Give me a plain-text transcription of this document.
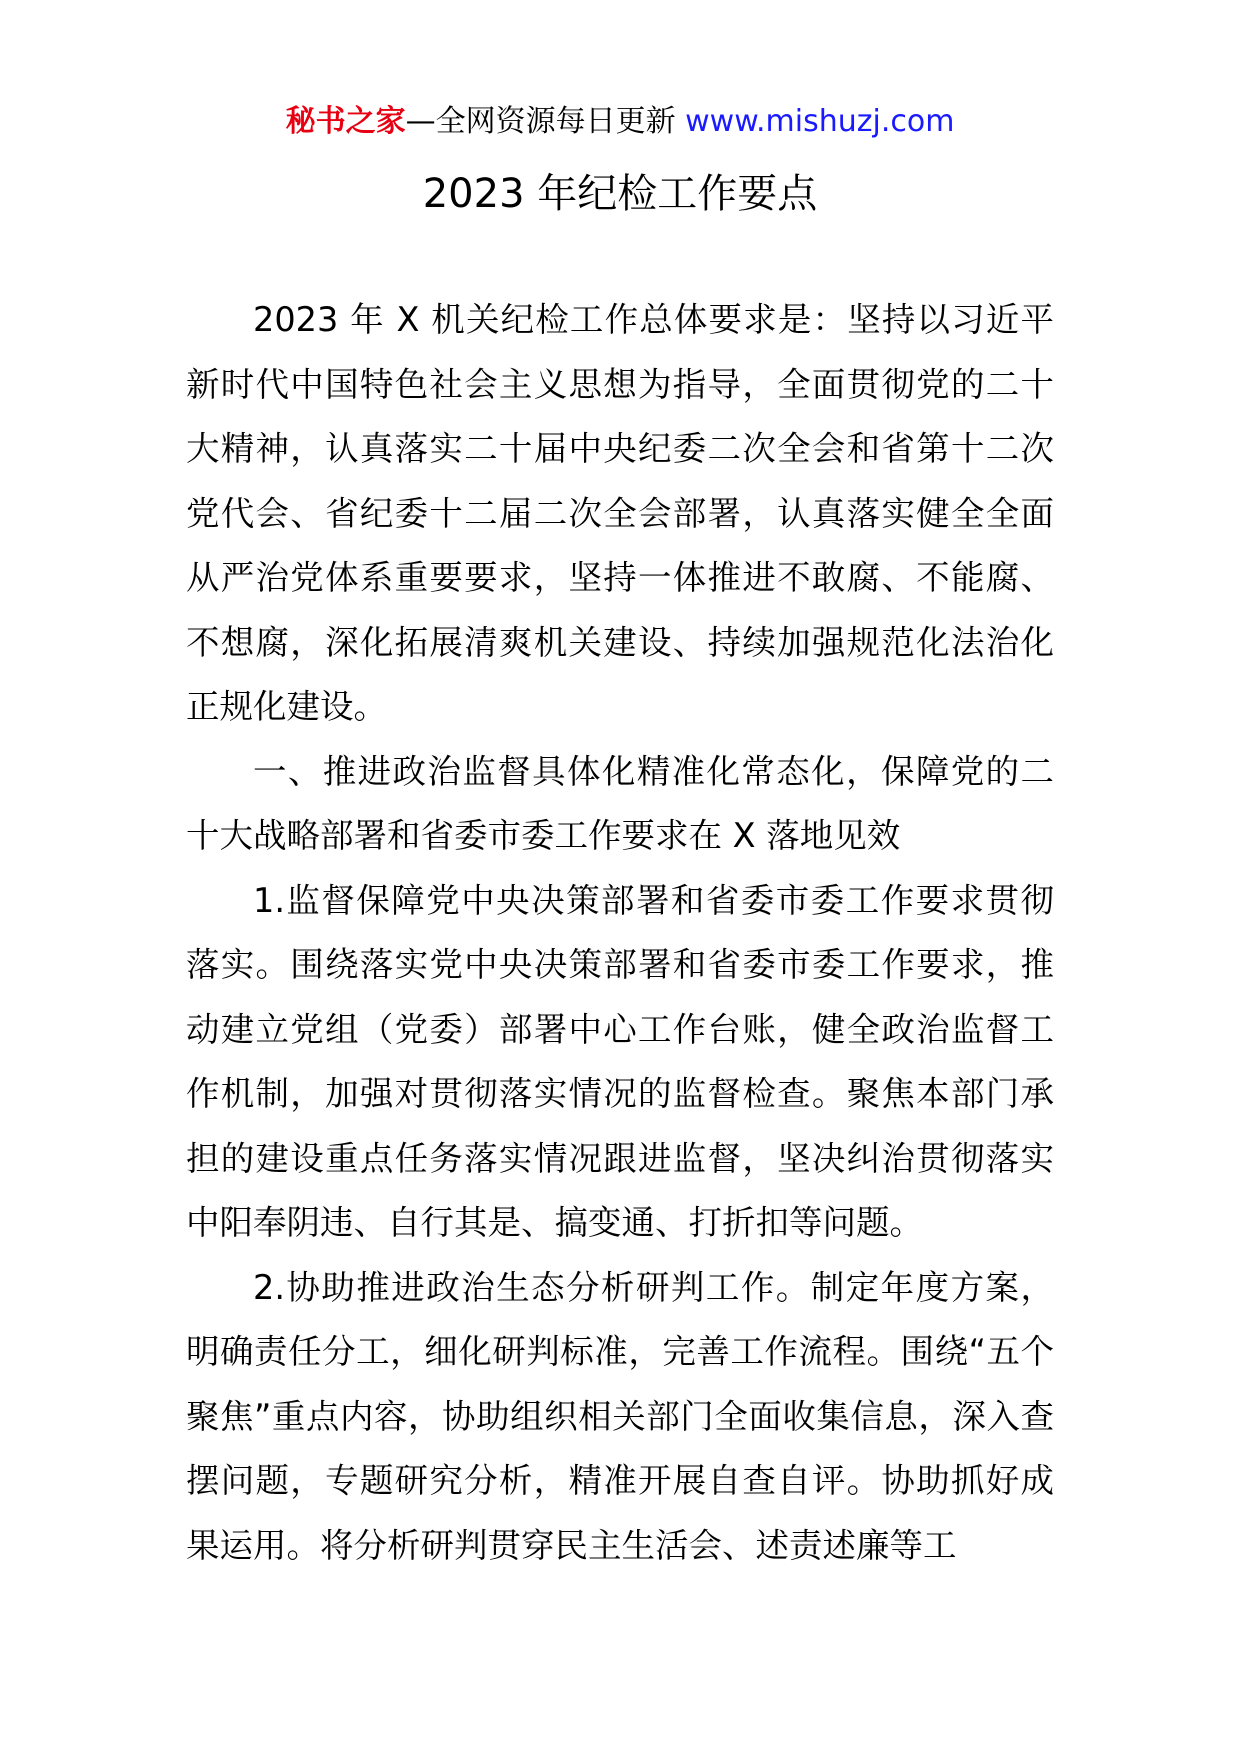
秘书之家—全网资源每日更新 www.mishuzj.com
2023 年纪检工作要点

2023 年 X 机关纪检工作总体要求是：坚持以习近平新时代中国特色社会主义思想为指导，全面贯彻党的二十大精神，认真落实二十届中央纪委二次全会和省第十二次党代会、省纪委十二届二次全会部署，认真落实健全全面从严治党体系重要要求，坚持一体推进不敢腐、不能腐、不想腐，深化拓展清爽机关建设、持续加强规范化法治化正规化建设。

一、推进政治监督具体化精准化常态化，保障党的二十大战略部署和省委市委工作要求在 X 落地见效

1.监督保障党中央决策部署和省委市委工作要求贯彻落实。围绕落实党中央决策部署和省委市委工作要求，推动建立党组（党委）部署中心工作台账，健全政治监督工作机制，加强对贯彻落实情况的监督检查。聚焦本部门承担的建设重点任务落实情况跟进监督，坚决纠治贯彻落实中阳奉阴违、自行其是、搞变通、打折扣等问题。

2.协助推进政治生态分析研判工作。制定年度方案，明确责任分工，细化研判标准，完善工作流程。围绕“五个聚焦”重点内容，协助组织相关部门全面收集信息，深入查摆问题，专题研究分析，精准开展自查自评。协助抓好成果运用。将分析研判贯穿民主生活会、述责述廉等工
